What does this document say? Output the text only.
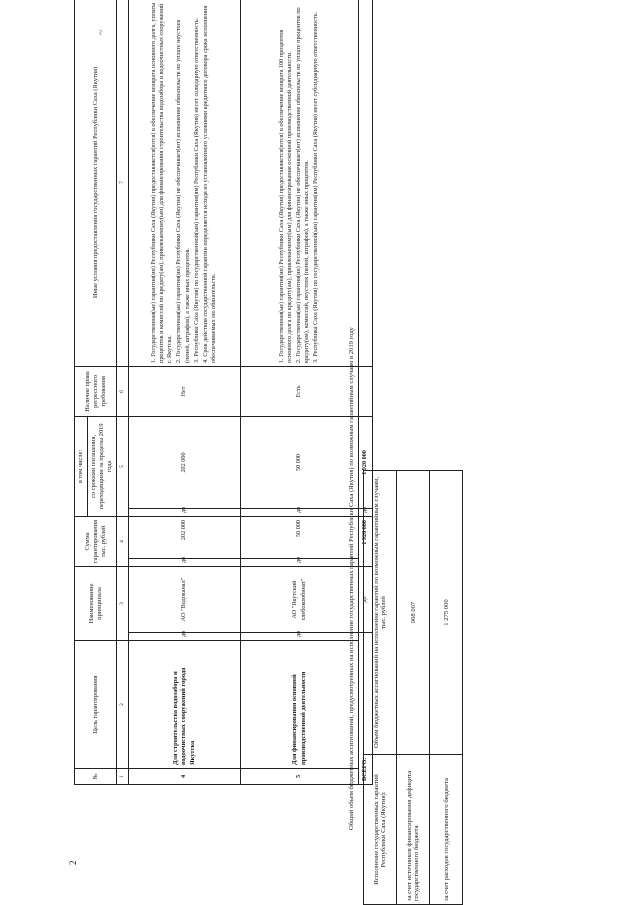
2
~
№	Цель гарантирования	Наименование принципала		Сумма гарантирования тыс. рублей		в том числе:		Наличие права регрессного требования	Иные условия предоставления государственных гарантий Республики Саха (Якутия)
						со сроками погашения, переходящими за пределы 2019 года			
1	2	3		4		5		6	7
4	Для строительства водозабора и водоочистных сооружений города Якутска	до	АО "Водоканал"	до	202 000	до	202 000	Нет	1. Государственная(ые) гарантия(ии) Республики Саха (Якутия) предоставляется(ются) в обеспечение возврата основного долга, уплаты процентов и комиссий по кредиту(ам), привлекаемому(ым) для финансирования строительства водозабора и водоочистных сооружений г. Якутска. 2. Государственная(ые) гарантия(ии) Республики Саха (Якутия) не обеспечивает(ют) исполнение обязательств по уплате неустоек (пеней, штрафов), а также иных процентов. 3. Республика Саха (Якутия) по государственной(ым) гарантии(ям) Республики Саха (Якутия) несет солидарную ответственность. 4. Срок действия государственной гарантии определяется исходя из установленного условиями кредитного договора срока исполнения обеспечиваемых ею обязательств.

5	Для финансирования основной производственной деятельности	до	АО "Якутский хлебокомбинат"	до	50 000	до	50 000	Есть	1. Государственная(ые) гарантия(ии) Республики Саха (Якутия) предоставляется(ются) в обеспечение возврата 100 процентов основного долга по кредиту(ам), привлекаемому(ым) для финансирования основной производственной деятельности. 2. Государственная(ые) гарантия(ии) Республики Саха (Якутия) не обеспечивает(ют) исполнение обязательств по уплате процентов по кредиту(ам), комиссий, неустоек (пеней, штрафов), а также иных процентов. 3. Республика Саха (Якутия) по государственной(ым) гарантии(ям) Республики Саха (Якутия) несет субсидиарную ответственность.

ВСЕГО:			до	1 920 000		до	1 920 000		
Общий объем бюджетных ассигнований, предусмотренных на исполнение государственных гарантий Республики Саха (Якутия) по возможным гарантийным случаям в 2019 году	Исполнение государственных гарантий Республики Саха (Якутия):	Объем бюджетных ассигнований на исполнение гарантий по возможным гарантийным случаям, тыс. рублей
за счет источников финансирования дефицита государственного бюджета	968 007
за счет расходов государственного бюджета	1 275 000
